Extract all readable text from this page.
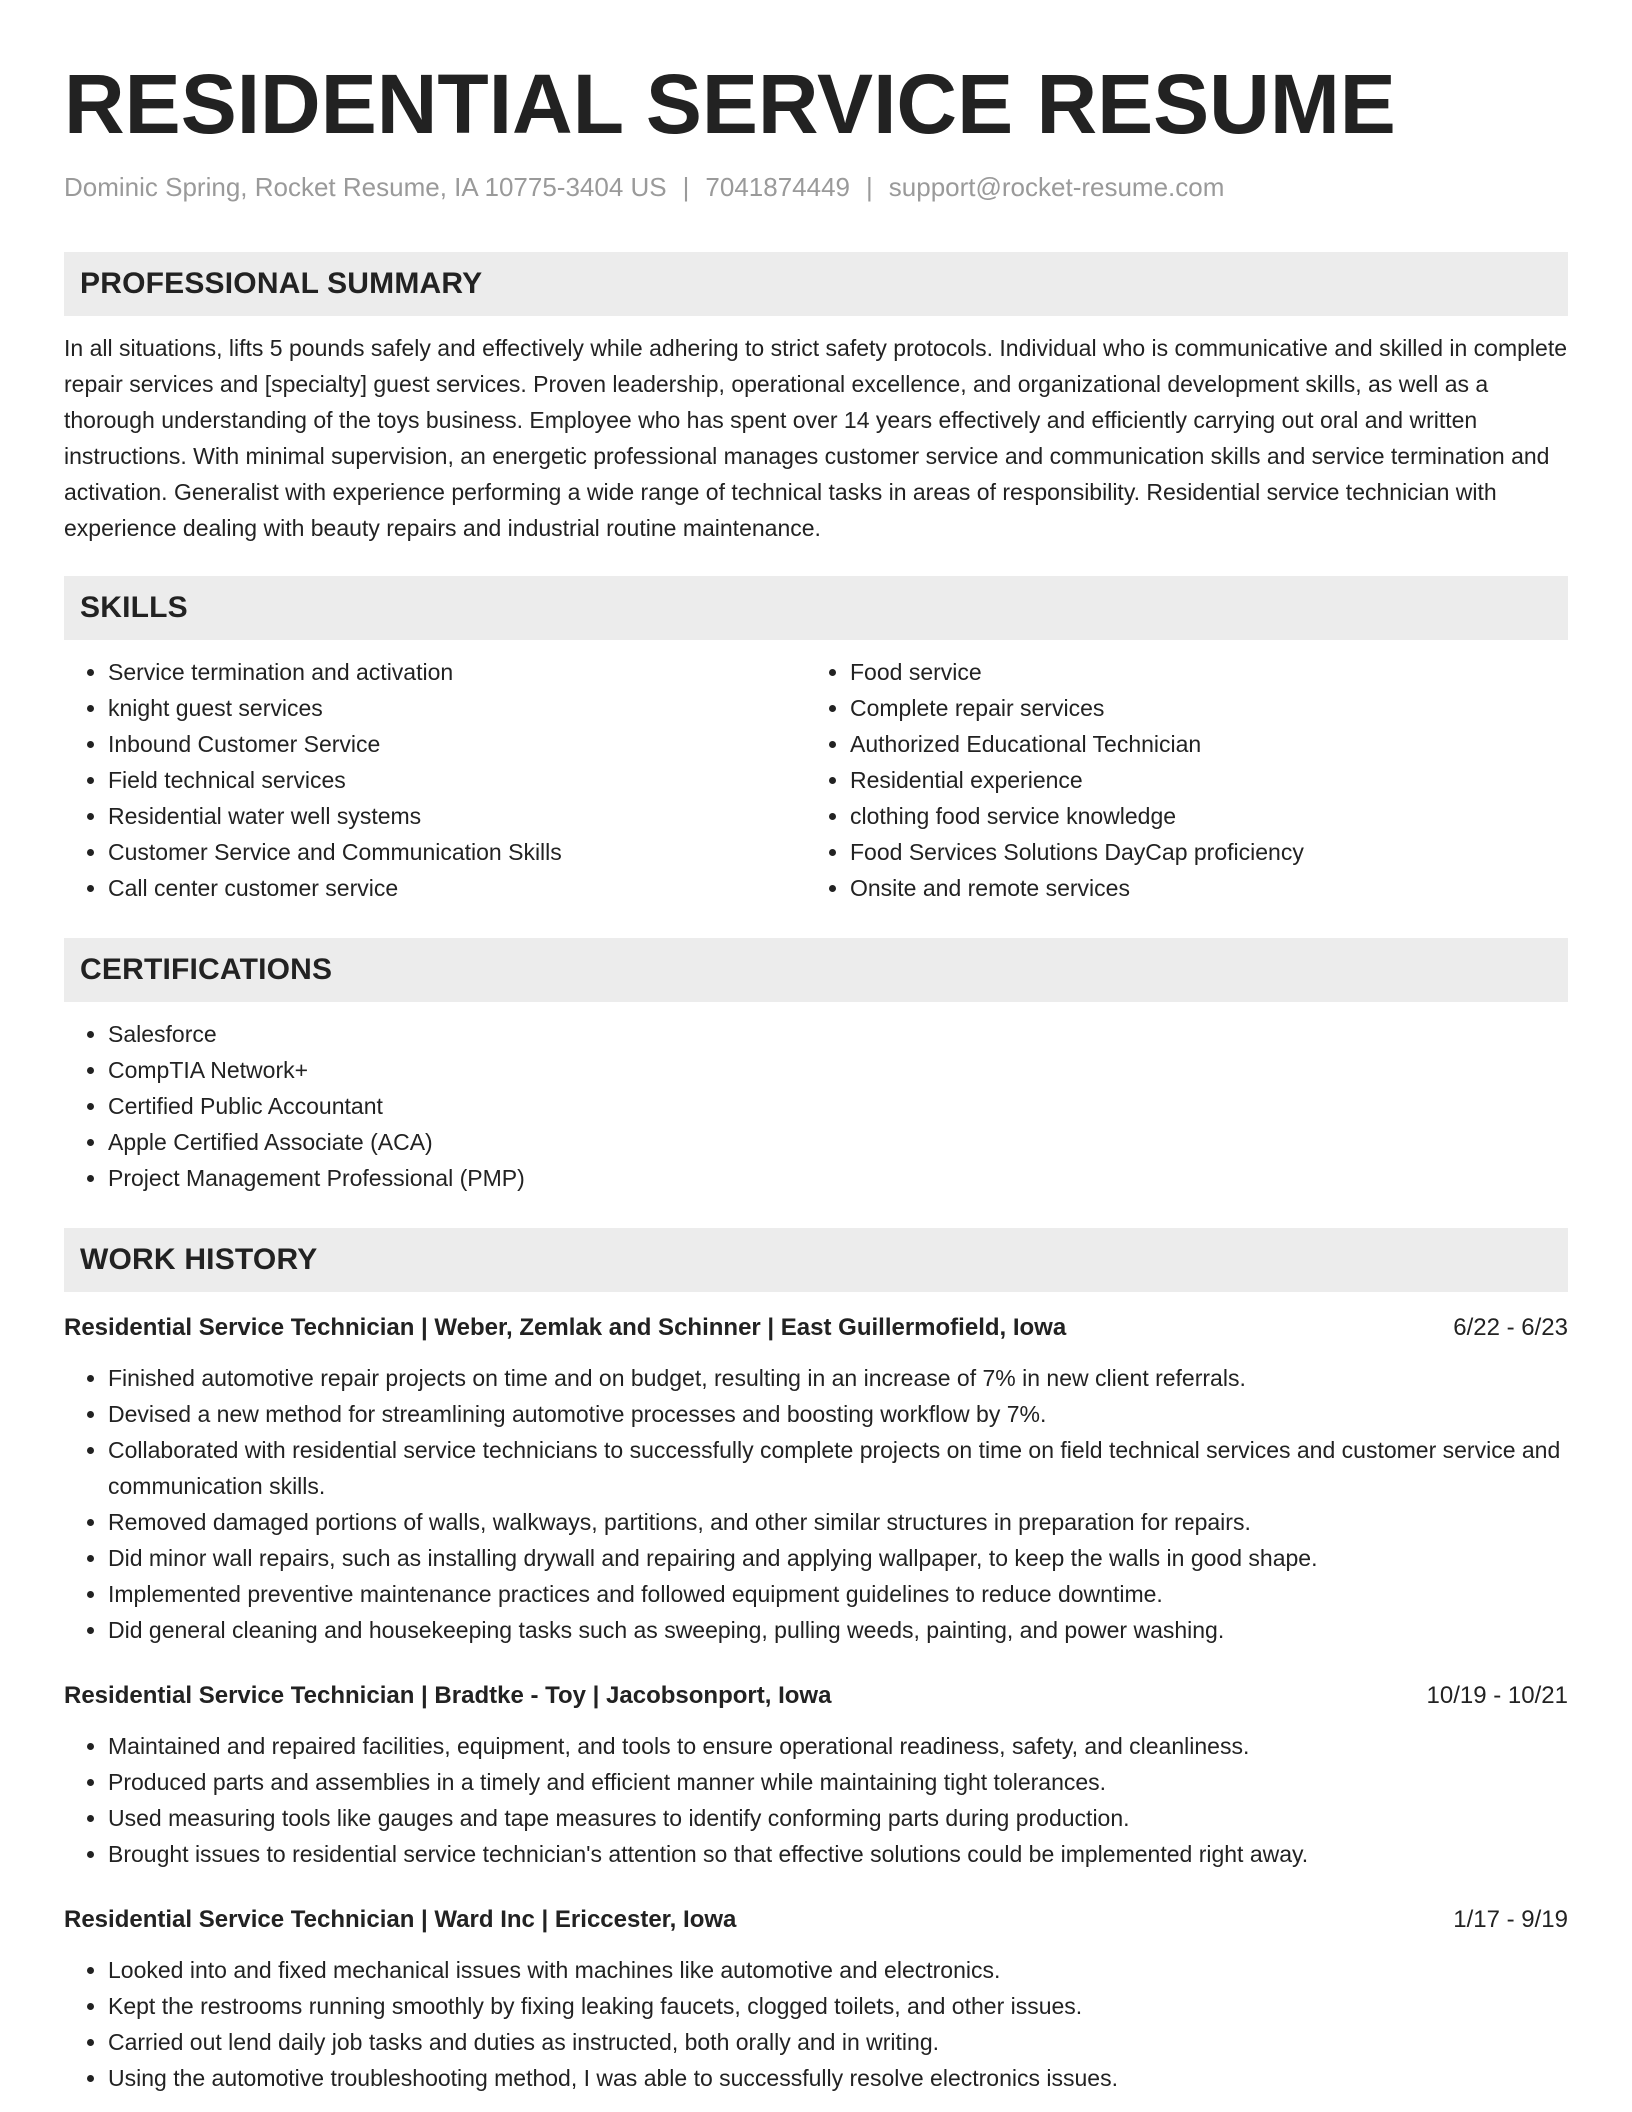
RESIDENTIAL SERVICE RESUME
Dominic Spring, Rocket Resume, IA 10775-3404 US | 7041874449 | support@rocket-resume.com
PROFESSIONAL SUMMARY

In all situations, lifts 5 pounds safely and effectively while adhering to strict safety protocols. Individual who is communicative and skilled in complete repair services and [specialty] guest services. Proven leadership, operational excellence, and organizational development skills, as well as a thorough understanding of the toys business. Employee who has spent over 14 years effectively and efficiently carrying out oral and written instructions. With minimal supervision, an energetic professional manages customer service and communication skills and service termination and activation. Generalist with experience performing a wide range of technical tasks in areas of responsibility. Residential service technician with experience dealing with beauty repairs and industrial routine maintenance.

SKILLS
• Service termination and activation
• knight guest services
• Inbound Customer Service
• Field technical services
• Residential water well systems
• Customer Service and Communication Skills
• Call center customer service
• Food service
• Complete repair services
• Authorized Educational Technician
• Residential experience
• clothing food service knowledge
• Food Services Solutions DayCap proficiency
• Onsite and remote services
CERTIFICATIONS
• Salesforce
• CompTIA Network+
• Certified Public Accountant
• Apple Certified Associate (ACA)
• Project Management Professional (PMP)
WORK HISTORY
Residential Service Technician | Weber, Zemlak and Schinner | East Guillermofield, Iowa	6/22 - 6/23
• Finished automotive repair projects on time and on budget, resulting in an increase of 7% in new client referrals.
• Devised a new method for streamlining automotive processes and boosting workflow by 7%.
• Collaborated with residential service technicians to successfully complete projects on time on field technical services and customer service and communication skills.
• Removed damaged portions of walls, walkways, partitions, and other similar structures in preparation for repairs.
• Did minor wall repairs, such as installing drywall and repairing and applying wallpaper, to keep the walls in good shape.
• Implemented preventive maintenance practices and followed equipment guidelines to reduce downtime.
• Did general cleaning and housekeeping tasks such as sweeping, pulling weeds, painting, and power washing.
Residential Service Technician | Bradtke - Toy | Jacobsonport, Iowa	10/19 - 10/21
• Maintained and repaired facilities, equipment, and tools to ensure operational readiness, safety, and cleanliness.
• Produced parts and assemblies in a timely and efficient manner while maintaining tight tolerances.
• Used measuring tools like gauges and tape measures to identify conforming parts during production.
• Brought issues to residential service technician's attention so that effective solutions could be implemented right away.
Residential Service Technician | Ward Inc | Ericcester, Iowa	1/17 - 9/19
• Looked into and fixed mechanical issues with machines like automotive and electronics.
• Kept the restrooms running smoothly by fixing leaking faucets, clogged toilets, and other issues.
• Carried out lend daily job tasks and duties as instructed, both orally and in writing.
• Using the automotive troubleshooting method, I was able to successfully resolve electronics issues.
